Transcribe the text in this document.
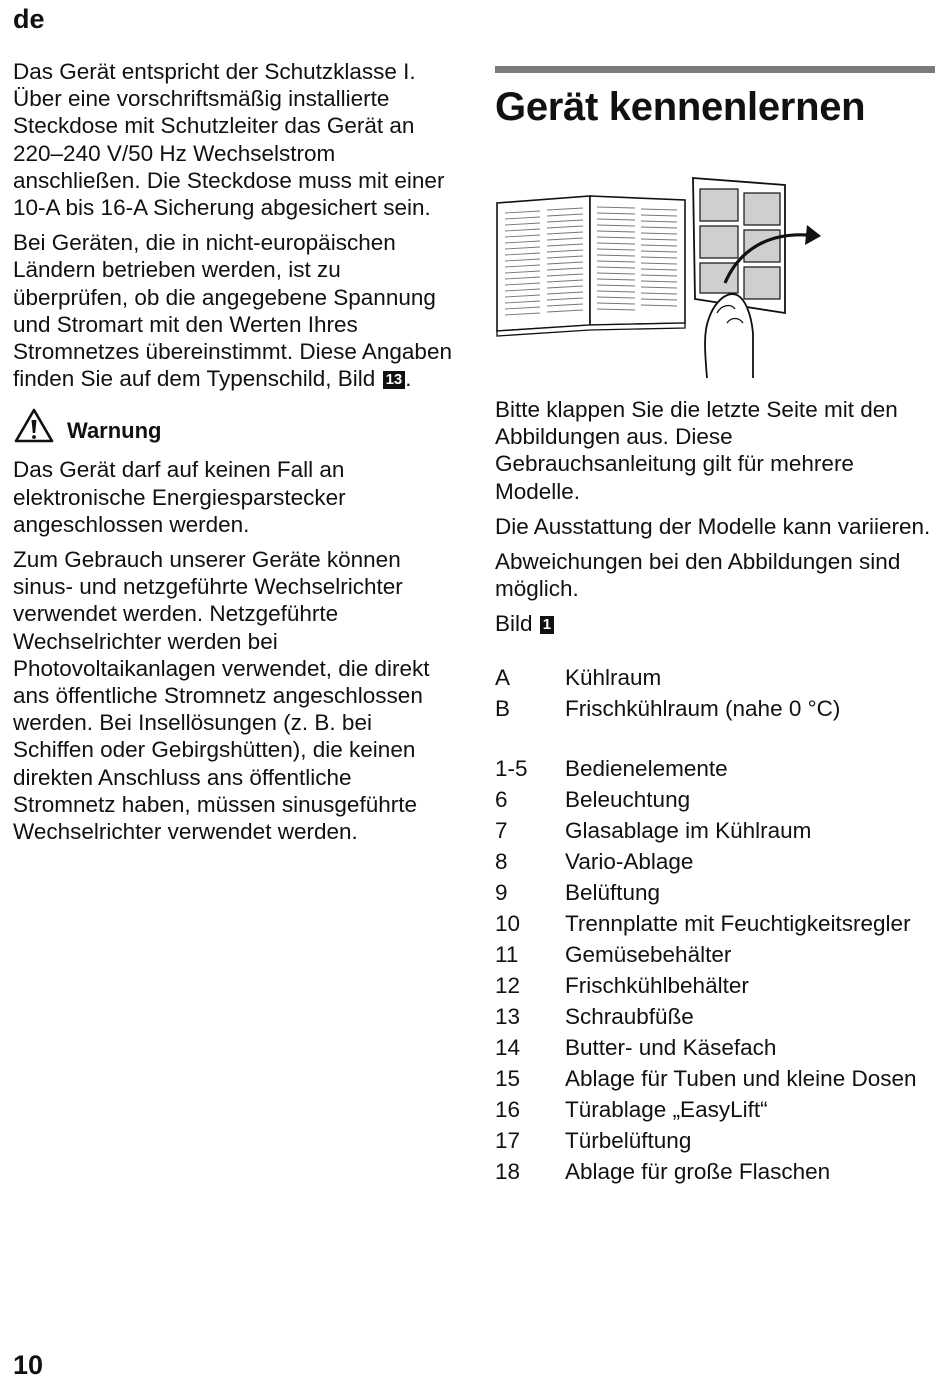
de

Das Gerät entspricht der Schutzklasse I. Über eine vorschriftsmäßig installierte Steckdose mit Schutzleiter das Gerät an 220–240 V/50 Hz Wechselstrom anschließen. Die Steckdose muss mit einer 10-A bis 16-A Sicherung abgesichert sein.

Bei Geräten, die in nicht-europäischen Ländern betrieben werden, ist zu überprüfen, ob die angegebene Spannung und Stromart mit den Werten Ihres Stromnetzes übereinstimmt. Diese Angaben finden Sie auf dem Typenschild, Bild 13 .

Warnung

Das Gerät darf auf keinen Fall an elektronische Energiesparstecker angeschlossen werden.

Zum Gebrauch unserer Geräte können sinus- und netzgeführte Wechselrichter verwendet werden. Netzgeführte Wechselrichter werden bei Photovoltaikanlagen verwendet, die direkt ans öffentliche Stromnetz angeschlossen werden. Bei Insellösungen (z. B. bei Schiffen oder Gebirgshütten), die keinen direkten Anschluss ans öffentliche Stromnetz haben, müssen sinusgeführte Wechselrichter verwendet werden.

Gerät kennenlernen

Bitte klappen Sie die letzte Seite mit den Abbildungen aus. Diese Gebrauchsanleitung gilt für mehrere Modelle.

Die Ausstattung der Modelle kann variieren.

Abweichungen bei den Abbildungen sind möglich.

Bild 1

A	Kühlraum
B	Frischkühlraum (nahe 0 °C)
1-5	Bedienelemente
6	Beleuchtung
7	Glasablage im Kühlraum
8	Vario-Ablage
9	Belüftung
10	Trennplatte mit Feuchtigkeitsregler
11	Gemüsebehälter
12	Frischkühlbehälter
13	Schraubfüße
14	Butter- und Käsefach
15	Ablage für Tuben und kleine Dosen
16	Türablage „EasyLift“
17	Türbelüftung
18	Ablage für große Flaschen
10
